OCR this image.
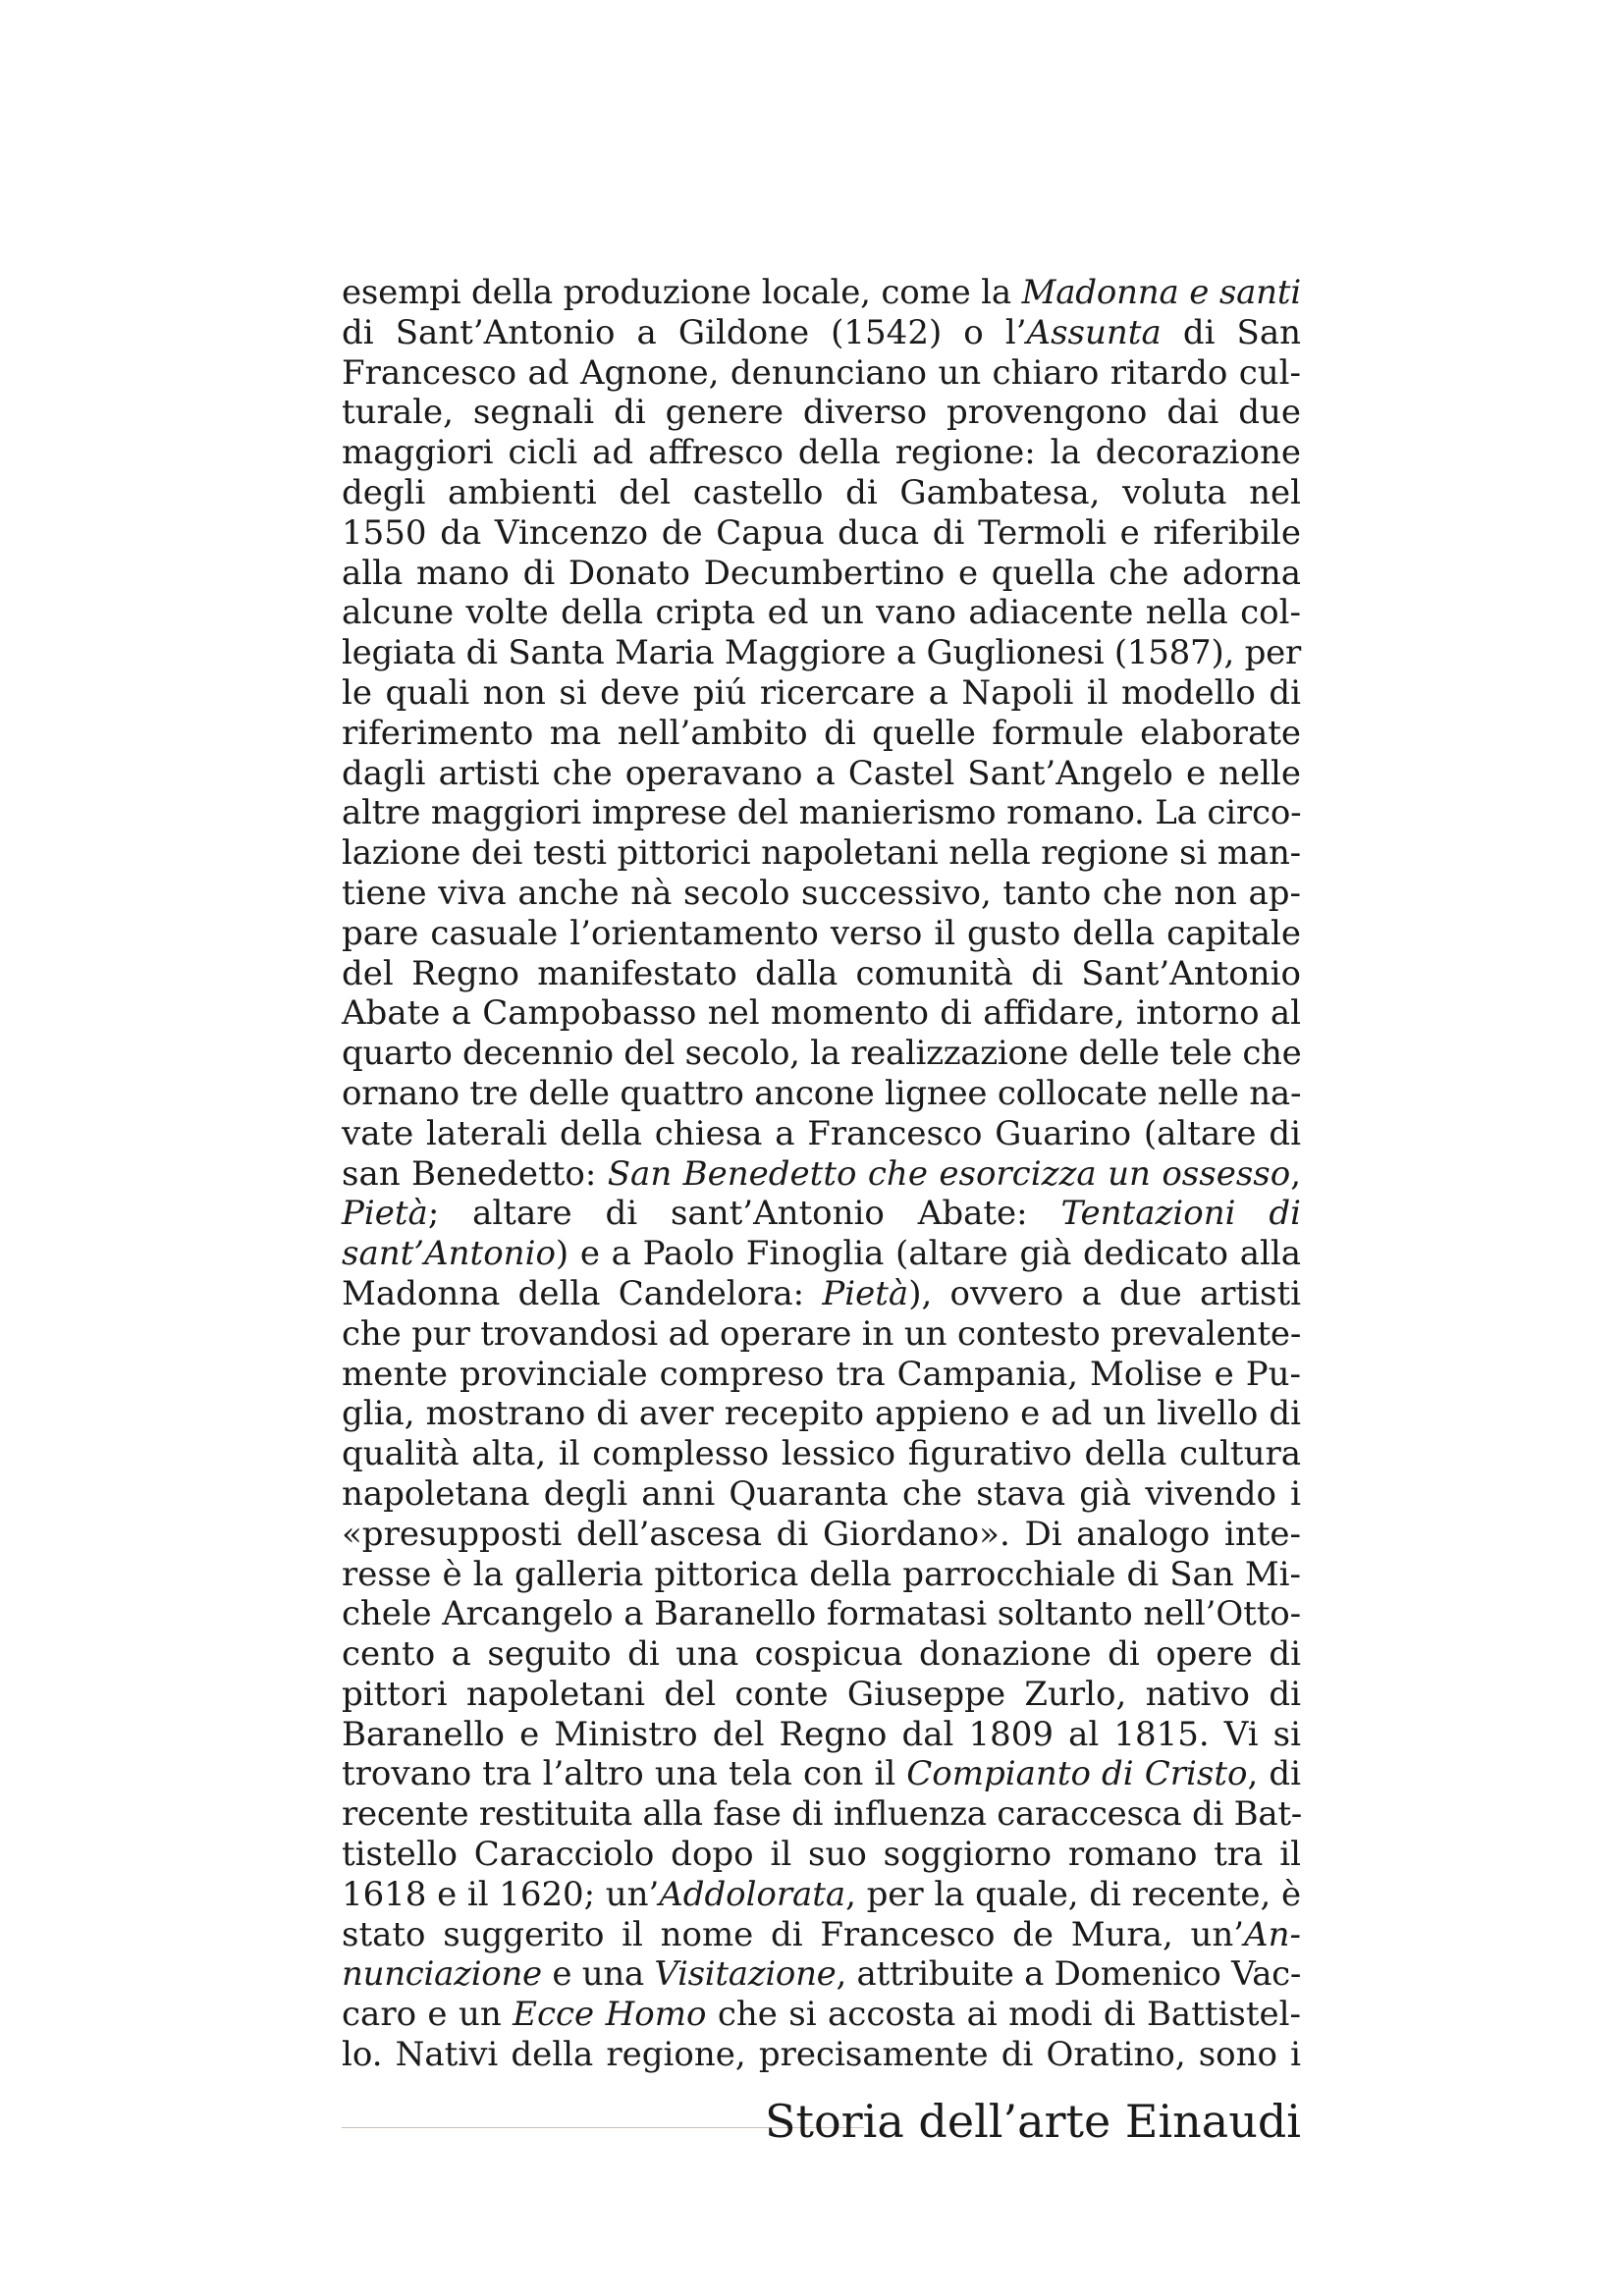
esempi della produzione locale, come la Madonna e santi
di Sant’Antonio a Gildone (1542) o l’Assunta di San
Francesco ad Agnone, denunciano un chiaro ritardo cul-
turale, segnali di genere diverso provengono dai due
maggiori cicli ad affresco della regione: la decorazione
degli ambienti del castello di Gambatesa, voluta nel
1550 da Vincenzo de Capua duca di Termoli e riferibile
alla mano di Donato Decumbertino e quella che adorna
alcune volte della cripta ed un vano adiacente nella col-
legiata di Santa Maria Maggiore a Guglionesi (1587), per
le quali non si deve piú ricercare a Napoli il modello di
riferimento ma nell’ambito di quelle formule elaborate
dagli artisti che operavano a Castel Sant’Angelo e nelle
altre maggiori imprese del manierismo romano. La circo-
lazione dei testi pittorici napoletani nella regione si man-
tiene viva anche nà secolo successivo, tanto che non ap-
pare casuale l’orientamento verso il gusto della capitale
del Regno manifestato dalla comunità di Sant’Antonio
Abate a Campobasso nel momento di affidare, intorno al
quarto decennio del secolo, la realizzazione delle tele che
ornano tre delle quattro ancone lignee collocate nelle na-
vate laterali della chiesa a Francesco Guarino (altare di
san Benedetto: San Benedetto che esorcizza un ossesso,
Pietà; altare di sant’Antonio Abate: Tentazioni di
sant’Antonio) e a Paolo Finoglia (altare già dedicato alla
Madonna della Candelora: Pietà), ovvero a due artisti
che pur trovandosi ad operare in un contesto prevalente-
mente provinciale compreso tra Campania, Molise e Pu-
glia, mostrano di aver recepito appieno e ad un livello di
qualità alta, il complesso lessico figurativo della cultura
napoletana degli anni Quaranta che stava già vivendo i
«presupposti dell’ascesa di Giordano». Di analogo inte-
resse è la galleria pittorica della parrocchiale di San Mi-
chele Arcangelo a Baranello formatasi soltanto nell’Otto-
cento a seguito di una cospicua donazione di opere di
pittori napoletani del conte Giuseppe Zurlo, nativo di
Baranello e Ministro del Regno dal 1809 al 1815. Vi si
trovano tra l’altro una tela con il Compianto di Cristo, di
recente restituita alla fase di influenza caraccesca di Bat-
tistello Caracciolo dopo il suo soggiorno romano tra il
1618 e il 1620; un’Addolorata, per la quale, di recente, è
stato suggerito il nome di Francesco de Mura, un’An-
nunciazione e una Visitazione, attribuite a Domenico Vac-
caro e un Ecce Homo che si accosta ai modi di Battistel-
lo. Nativi della regione, precisamente di Oratino, sono i
Storia dell’arte Einaudi
